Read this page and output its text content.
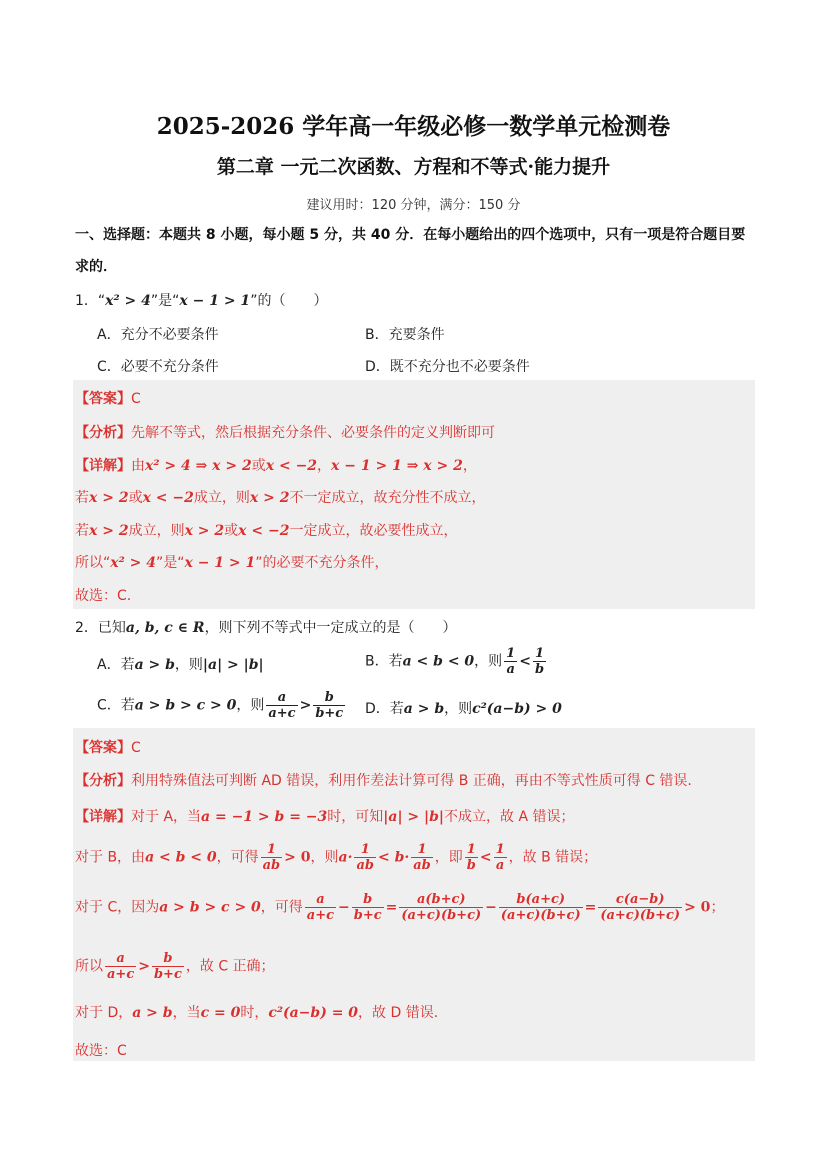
2025-2026 学年高一年级必修一数学单元检测卷
第二章 一元二次函数、方程和不等式·能力提升
建议用时：120 分钟，满分：150 分
一、选择题：本题共 8 小题，每小题 5 分，共 40 分．在每小题给出的四个选项中，只有一项是符合题目要求的．
1．“x² > 4”是“x − 1 > 1”的（　　）
A．充分不必要条件	B．充要条件
C．必要不充分条件	D．既不充分也不必要条件
【答案】C
【分析】先解不等式，然后根据充分条件、必要条件的定义判断即可
【详解】由x² > 4 ⇒ x > 2或x < −2，x − 1 > 1 ⇒ x > 2，
若x > 2或x < −2成立，则x > 2不一定成立，故充分性不成立，
若x > 2成立，则x > 2或x < −2一定成立，故必要性成立，
所以“x² > 4”是“x − 1 > 1”的必要不充分条件，
故选：C.
2．已知a, b, c ∈ R，则下列不等式中一定成立的是（　　）
A．若a > b，则|a| > |b|	B．若a < b < 0，则 $\frac{1}{a} < \frac{1}{b}$
C．若a > b > c > 0，则 $\frac{a}{a+c} > \frac{b}{b+c}$ D．若a > b，则c²(a−b) > 0
【答案】C
【分析】利用特殊值法可判断 AD 错误，利用作差法计算可得 B 正确，再由不等式性质可得 C 错误.
【详解】对于 A，当a = −1 > b = −3时，可知|a| > |b|不成立，故 A 错误；
对于 B，由a < b < 0，可得 $\frac{1}{ab} > 0$，则$a\cdot \frac{1}{ab} < b\cdot \frac{1}{ab}$ ，即 $\frac{1}{b} < \frac{1}{a}$ ，故 B 错误；
对于 C，因为a > b > c > 0，可得 $\frac{a}{a+c} - \frac{b}{b+c} = \frac{a(b+c)}{(a+c)(b+c)} - \frac{b(a+c)}{(a+c)(b+c)} = \frac{c(a-b)}{(a+c)(b+c)} > 0$；
所以 $\frac{a}{a+c} > \frac{b}{b+c}$ ，故 C 正确；
对于 D，a > b，当c = 0时，c²(a−b) = 0，故 D 错误.
故选：C
